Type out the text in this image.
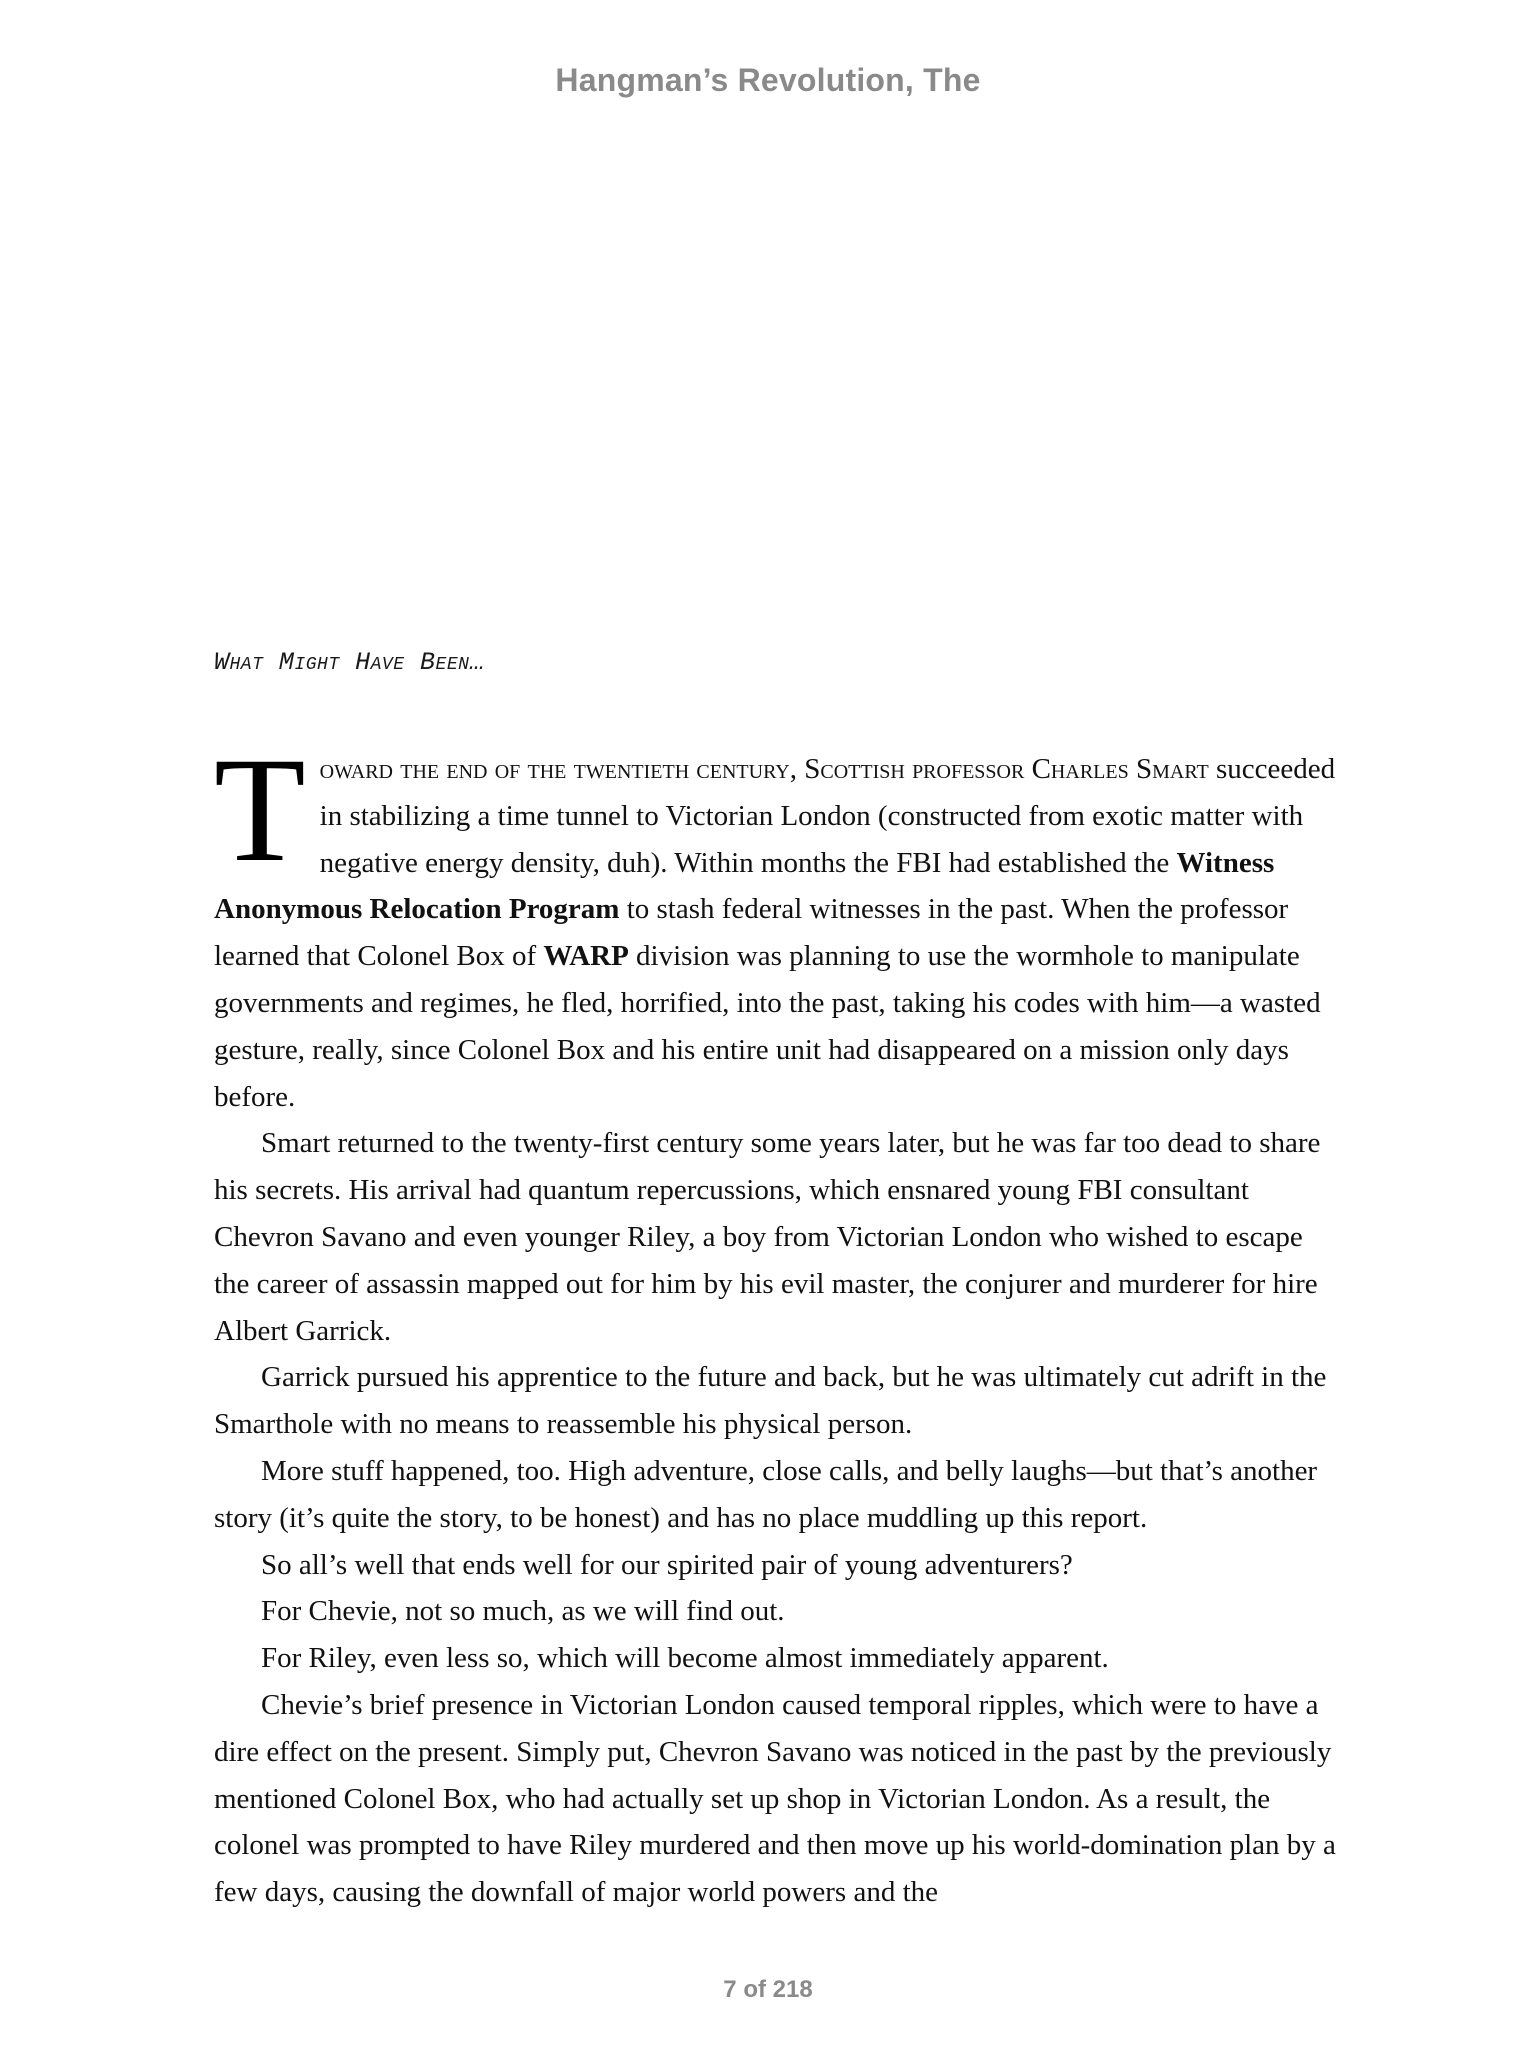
Hangman’s Revolution, The
What Might Have Been…

Toward the end of the twentieth century, Scottish professor Charles Smart succeeded in stabilizing a time tunnel to Victorian London (constructed from exotic matter with negative energy density, duh). Within months the FBI had established the Witness Anonymous Relocation Program to stash federal witnesses in the past. When the professor learned that Colonel Box of WARP division was planning to use the wormhole to manipulate governments and regimes, he fled, horrified, into the past, taking his codes with him—a wasted gesture, really, since Colonel Box and his entire unit had disappeared on a mission only days before.

Smart returned to the twenty-first century some years later, but he was far too dead to share his secrets. His arrival had quantum repercussions, which ensnared young FBI consultant Chevron Savano and even younger Riley, a boy from Victorian London who wished to escape the career of assassin mapped out for him by his evil master, the conjurer and murderer for hire Albert Garrick.

Garrick pursued his apprentice to the future and back, but he was ultimately cut adrift in the Smarthole with no means to reassemble his physical person.

More stuff happened, too. High adventure, close calls, and belly laughs—but that’s another story (it’s quite the story, to be honest) and has no place muddling up this report.

So all’s well that ends well for our spirited pair of young adventurers?

For Chevie, not so much, as we will find out.

For Riley, even less so, which will become almost immediately apparent.

Chevie’s brief presence in Victorian London caused temporal ripples, which were to have a dire effect on the present. Simply put, Chevron Savano was noticed in the past by the previously mentioned Colonel Box, who had actually set up shop in Victorian London. As a result, the colonel was prompted to have Riley murdered and then move up his world-domination plan by a few days, causing the downfall of major world powers and the

7 of 218
